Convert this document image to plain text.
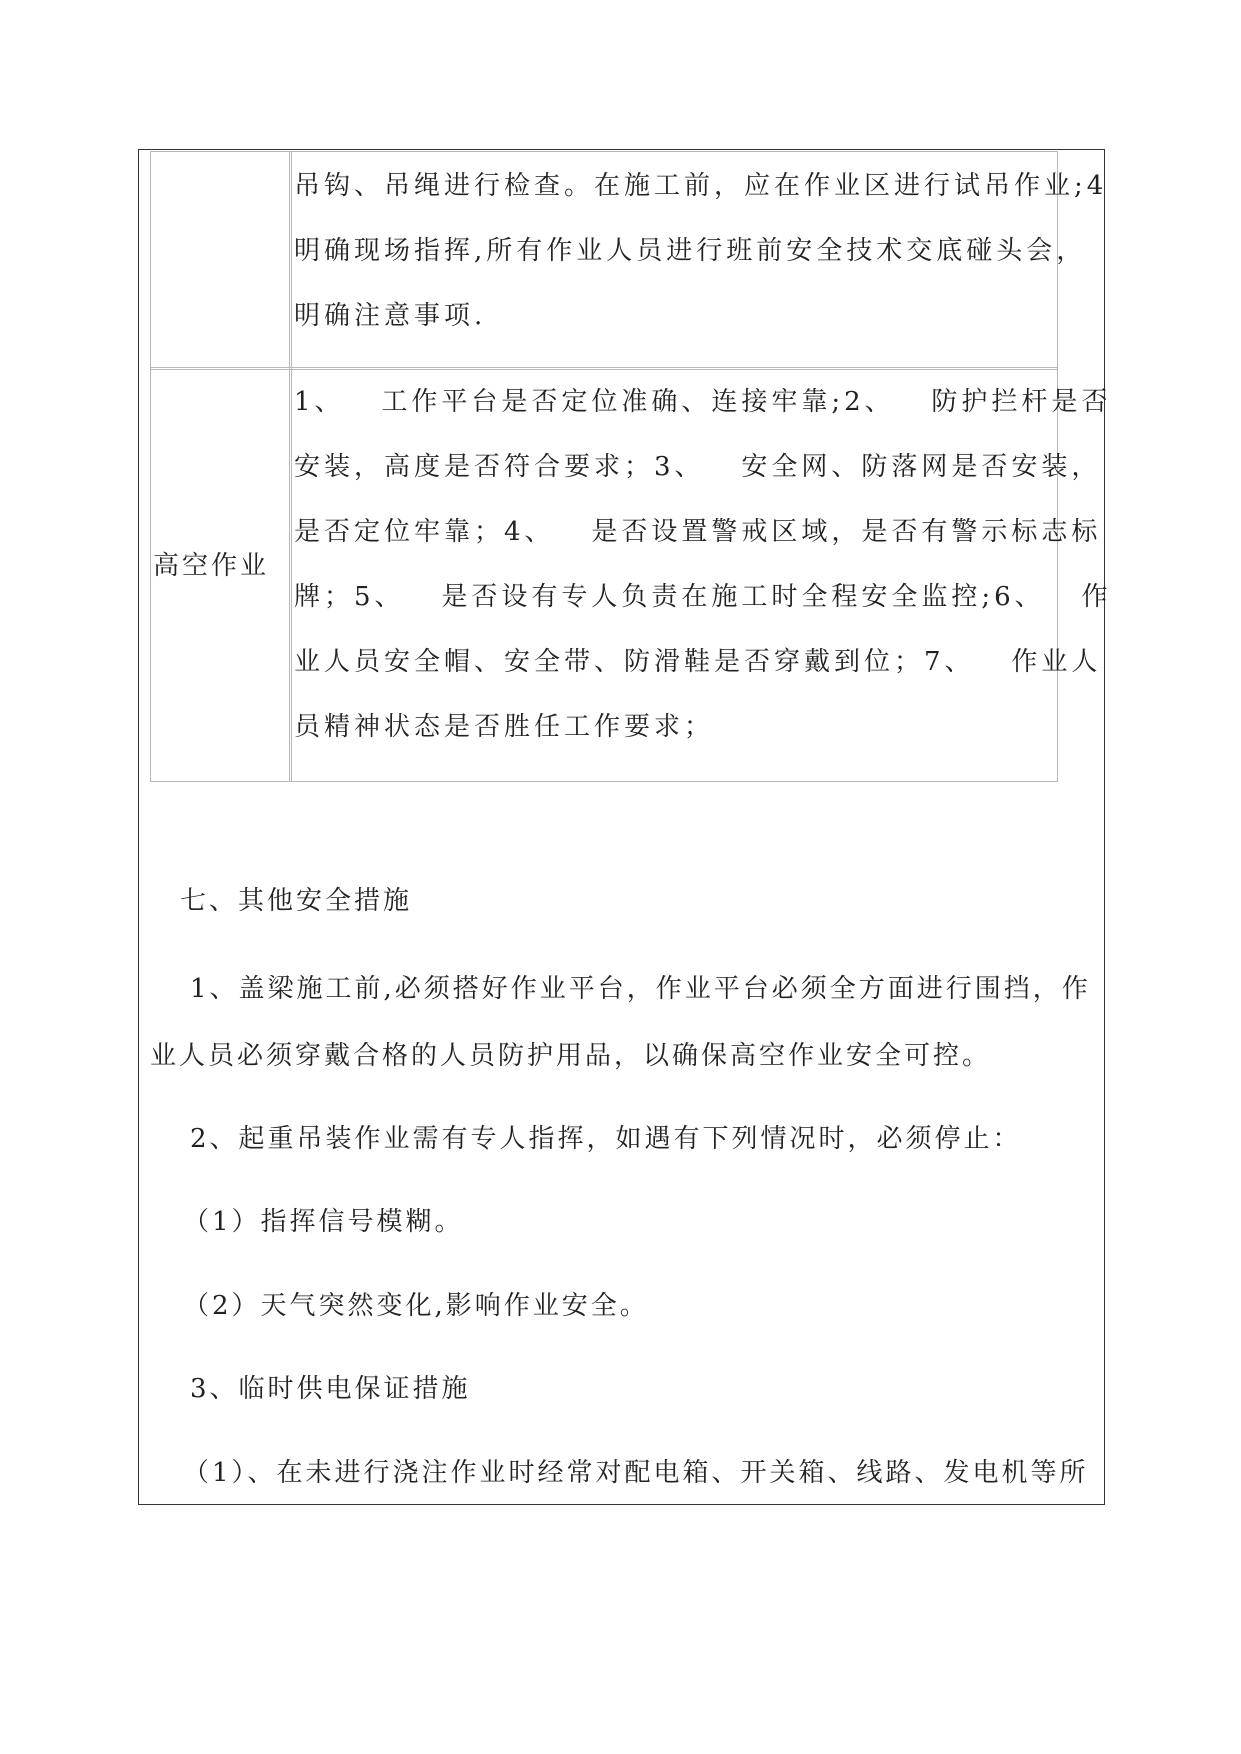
吊钩、吊绳进行检查。在施工前，应在作业区进行试吊作业;4
明确现场指挥,所有作业人员进行班前安全技术交底碰头会，
明确注意事项.
高空作业
1、   工作平台是否定位准确、连接牢靠;2、   防护拦杆是否
安装，高度是否符合要求；3、   安全网、防落网是否安装，
是否定位牢靠；4、   是否设置警戒区域，是否有警示标志标
牌；5、   是否设有专人负责在施工时全程安全监控;6、   作
业人员安全帽、安全带、防滑鞋是否穿戴到位；7、   作业人
员精神状态是否胜任工作要求；
七、其他安全措施
1、盖梁施工前,必须搭好作业平台，作业平台必须全方面进行围挡，作
业人员必须穿戴合格的人员防护用品，以确保高空作业安全可控。
2、起重吊装作业需有专人指挥，如遇有下列情况时，必须停止：
（1）指挥信号模糊。
（2）天气突然变化,影响作业安全。
3、临时供电保证措施
（1）、在未进行浇注作业时经常对配电箱、开关箱、线路、发电机等所
